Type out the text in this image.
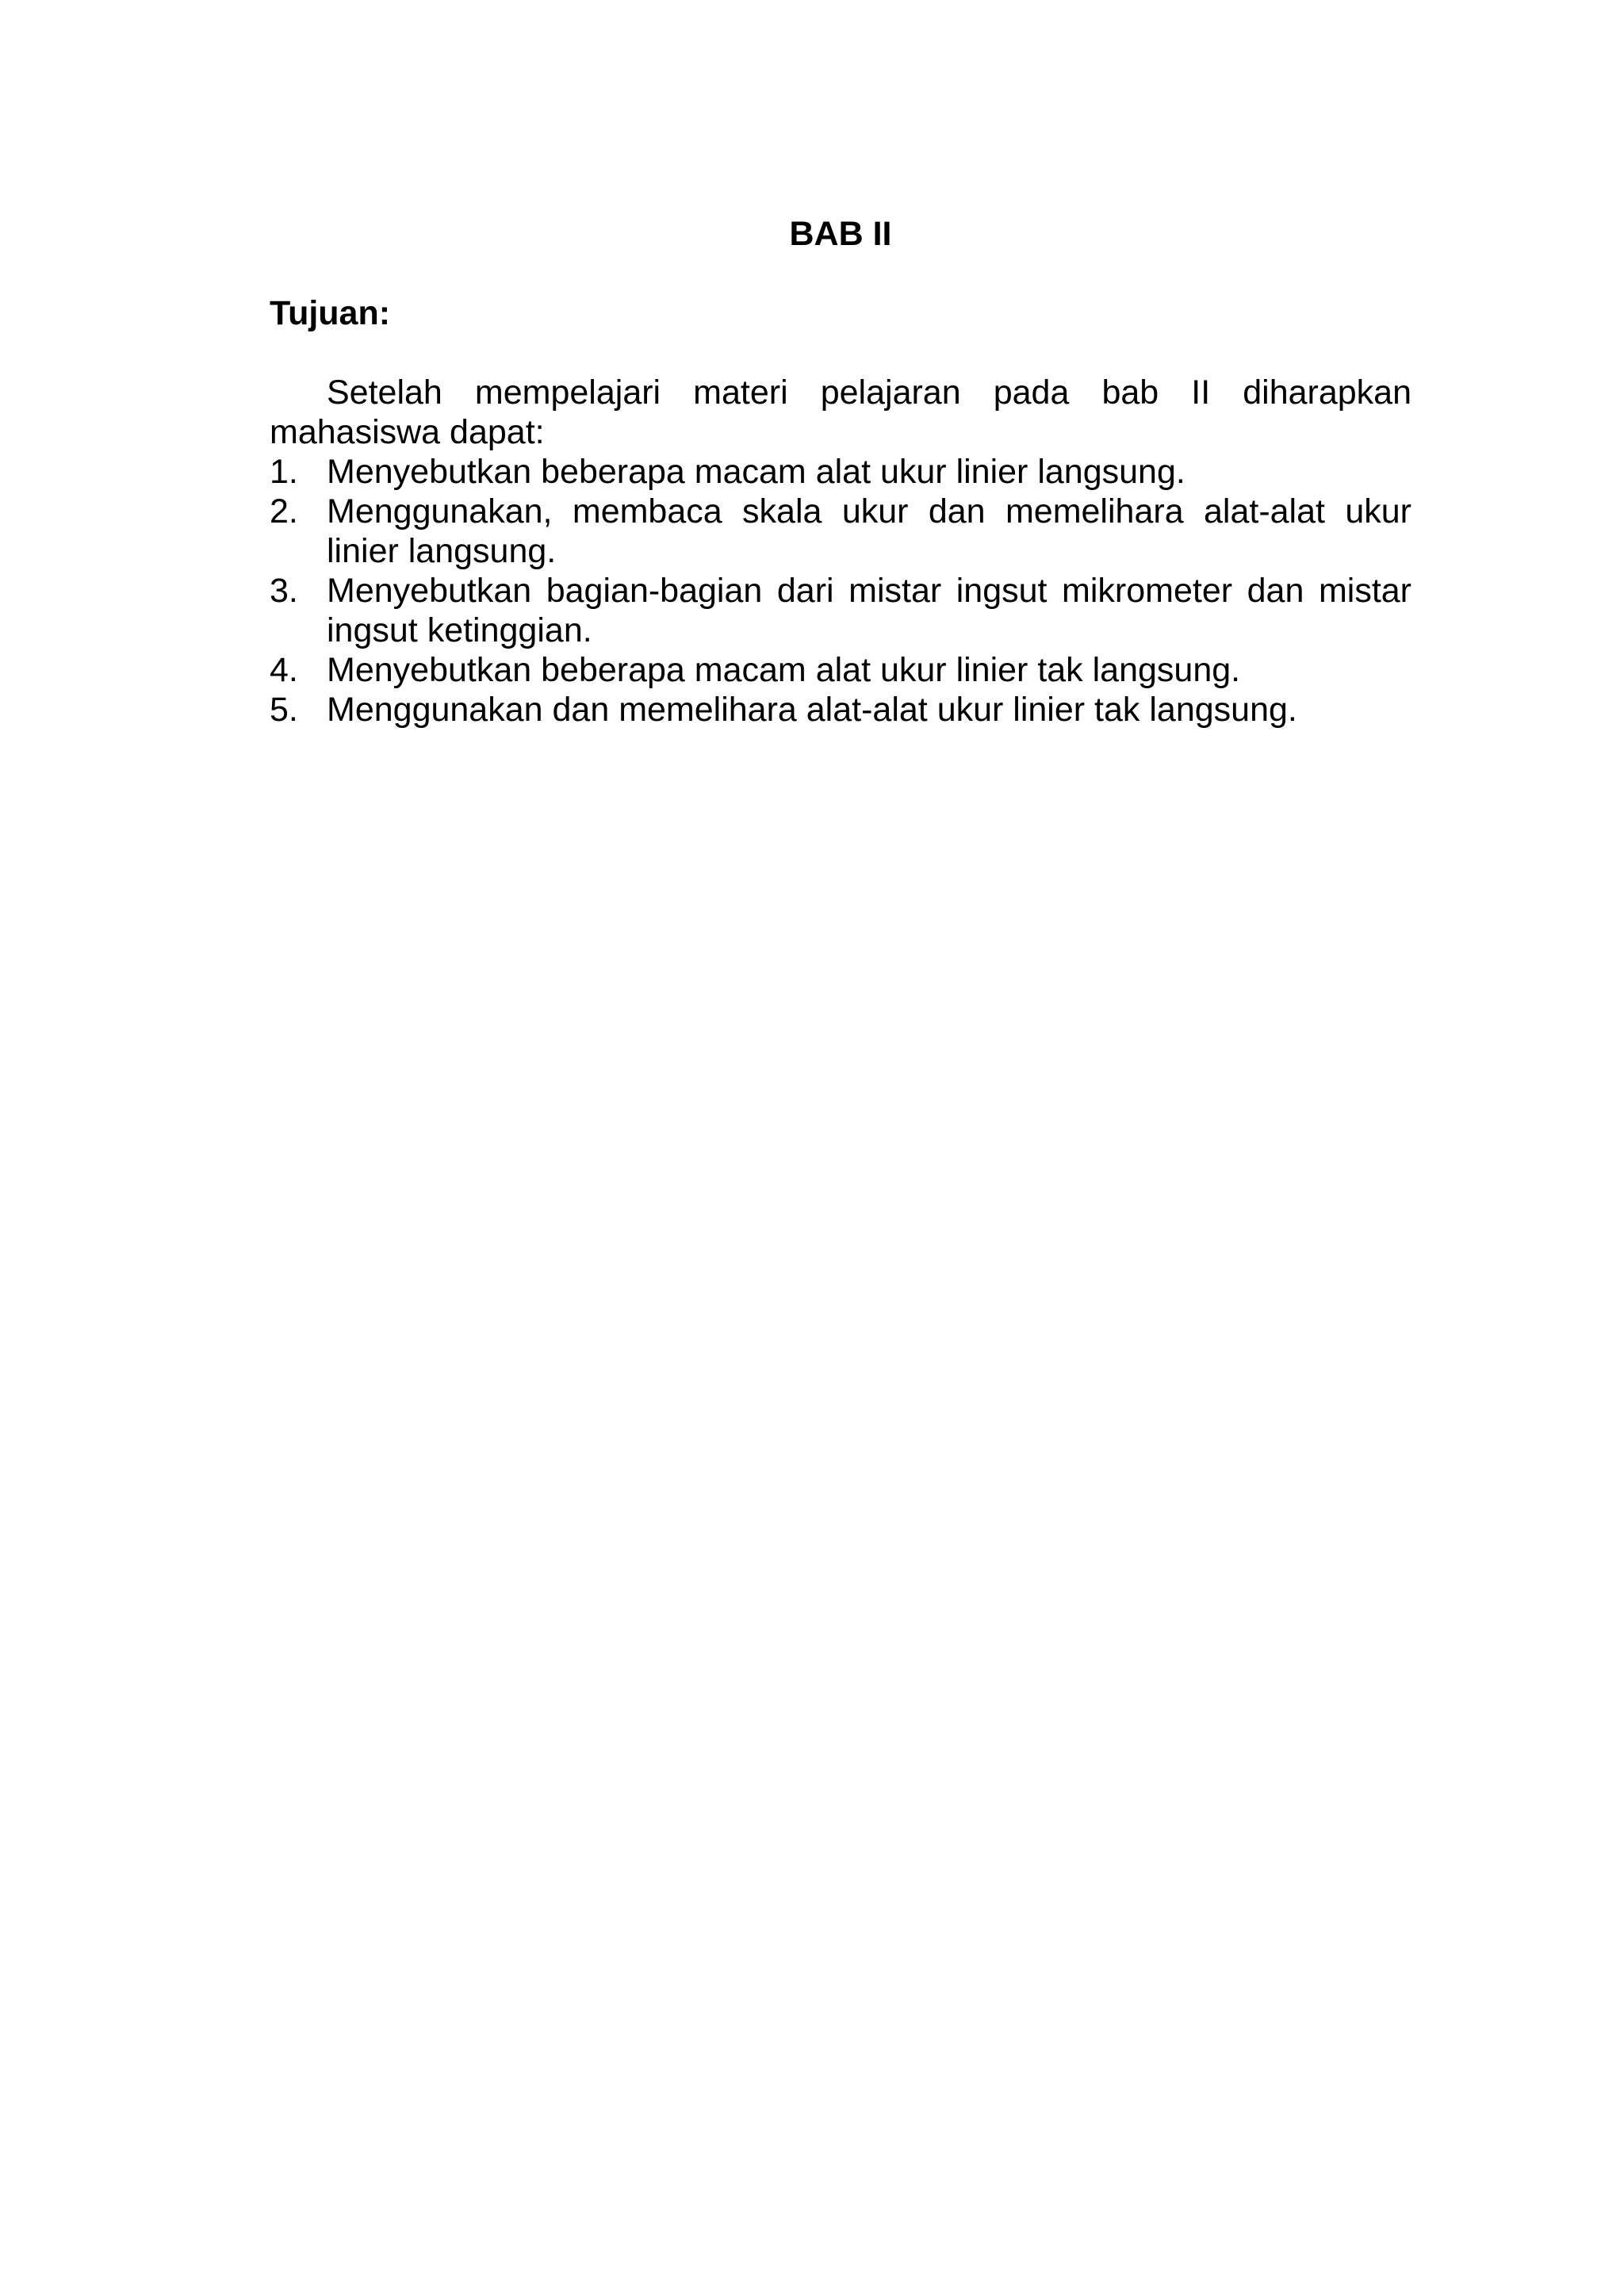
BAB II
Tujuan:

Setelah mempelajari materi pelajaran pada bab II diharapkan mahasiswa dapat:

1. Menyebutkan beberapa macam alat ukur linier langsung.
2. Menggunakan, membaca skala ukur dan memelihara alat-alat ukur linier langsung.
3. Menyebutkan bagian-bagian dari mistar ingsut mikrometer dan mistar ingsut ketinggian.
4. Menyebutkan beberapa macam alat ukur linier tak langsung.
5. Menggunakan dan memelihara alat-alat ukur linier tak langsung.
